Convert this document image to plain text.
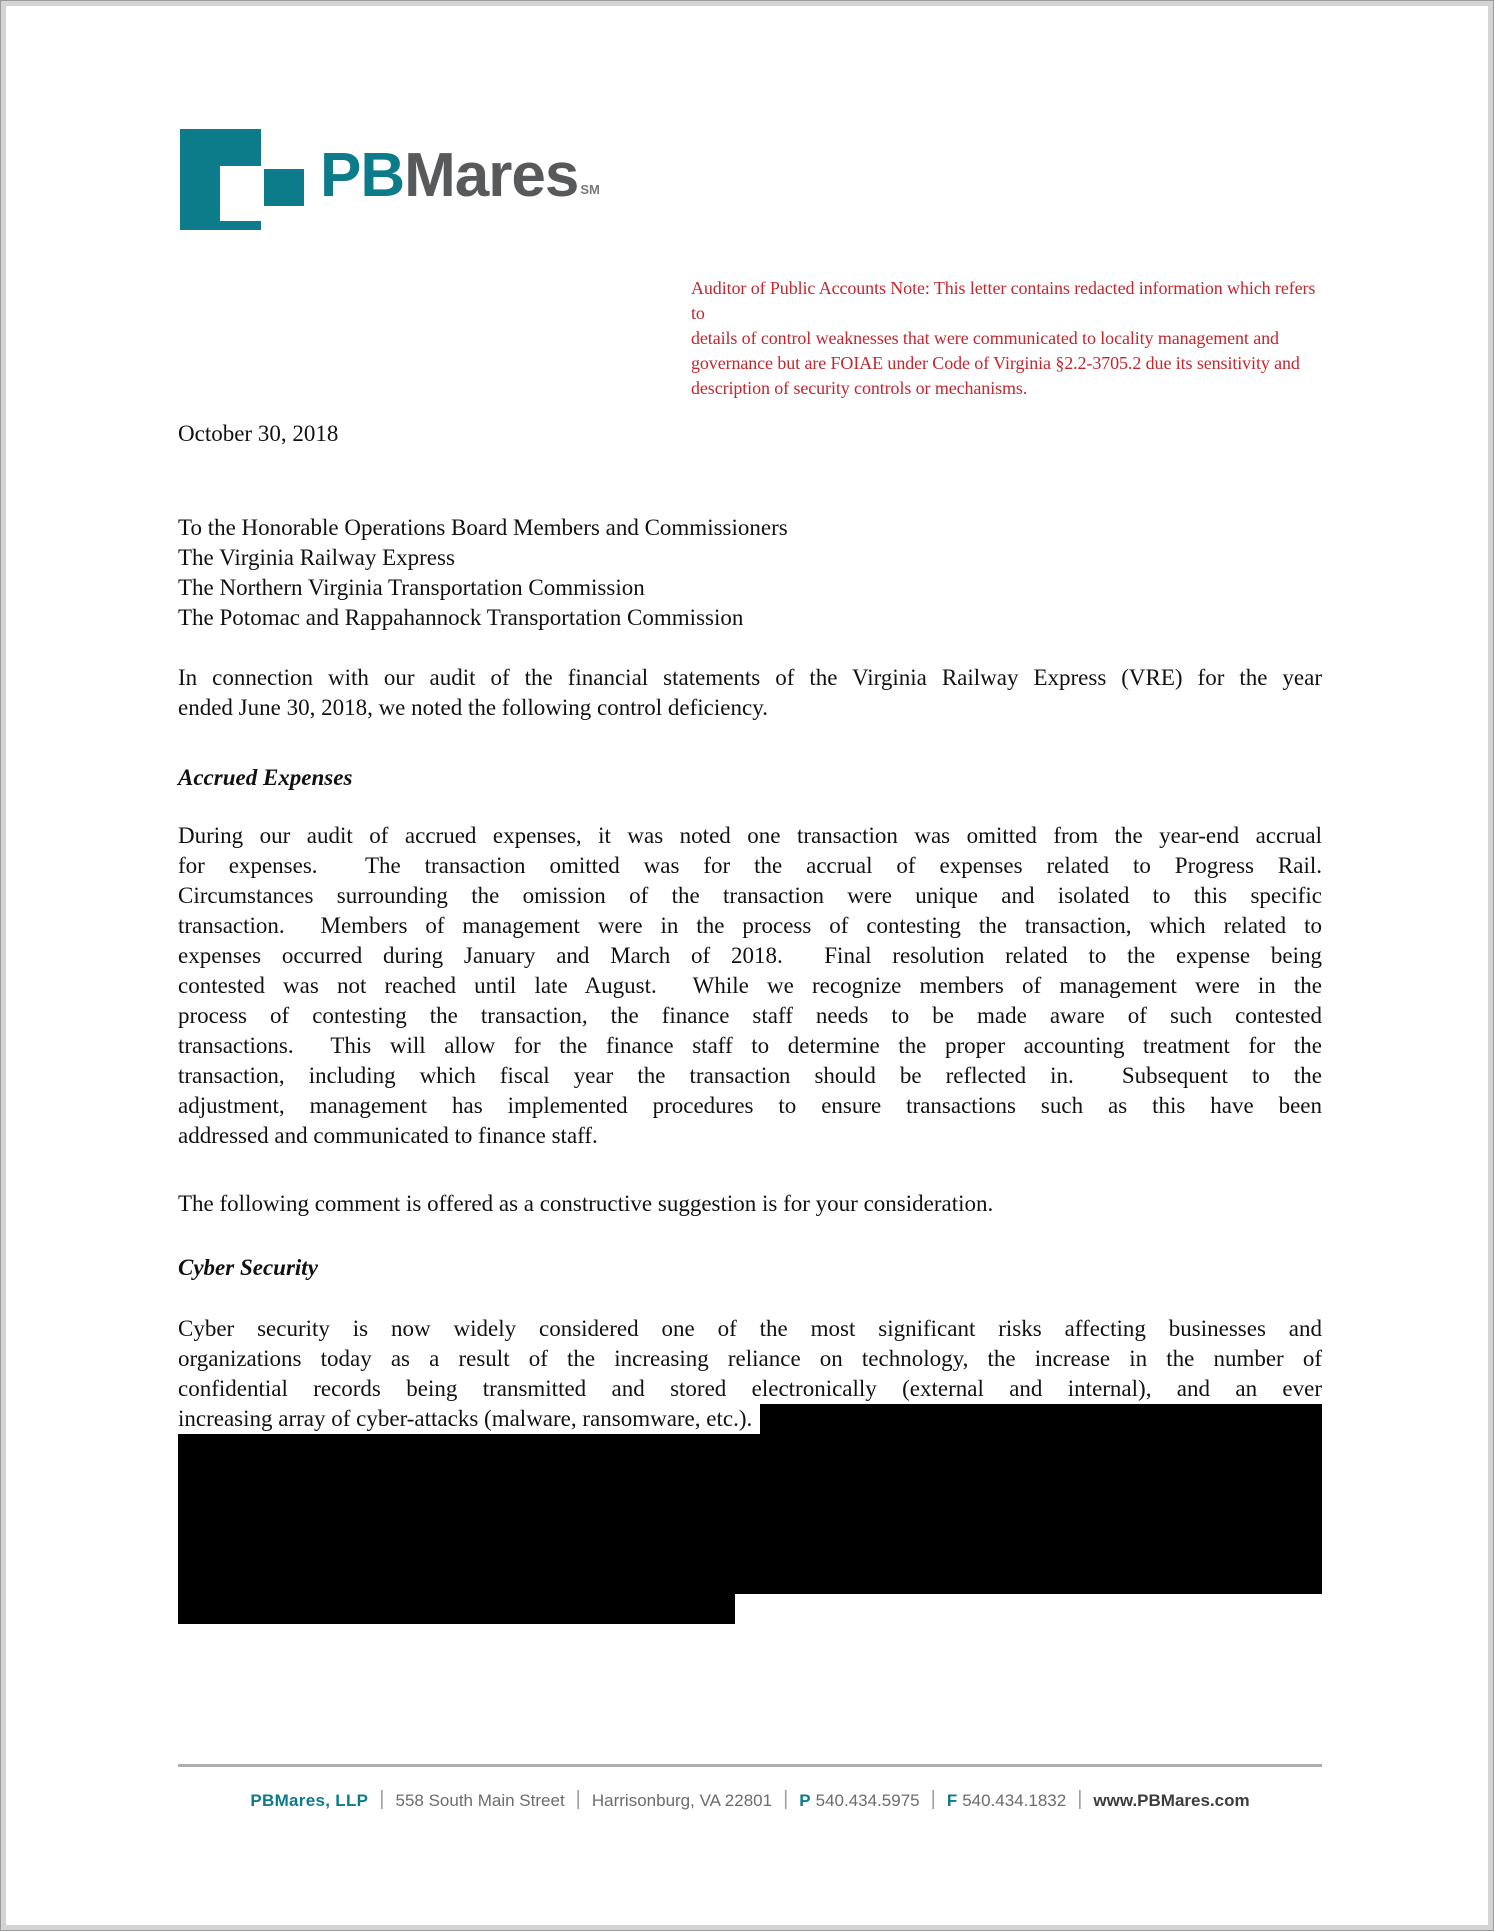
PBMares SM
Auditor of Public Accounts Note: This letter contains redacted information which refers to
details of control weaknesses that were communicated to locality management and
governance but are FOIAE under Code of Virginia §2.2-3705.2 due its sensitivity and
description of security controls or mechanisms.
October 30, 2018
To the Honorable Operations Board Members and Commissioners
The Virginia Railway Express
The Northern Virginia Transportation Commission
The Potomac and Rappahannock Transportation Commission
In connection with our audit of the financial statements of the Virginia Railway Express (VRE) for the year
ended June 30, 2018, we noted the following control deficiency.
Accrued Expenses
During our audit of accrued expenses, it was noted one transaction was omitted from the year-end accrual
for expenses.  The transaction omitted was for the accrual of expenses related to Progress Rail.
Circumstances surrounding the omission of the transaction were unique and isolated to this specific
transaction.  Members of management were in the process of contesting the transaction, which related to
expenses occurred during January and March of 2018.  Final resolution related to the expense being
contested was not reached until late August.  While we recognize members of management were in the
process of contesting the transaction, the finance staff needs to be made aware of such contested
transactions.  This will allow for the finance staff to determine the proper accounting treatment for the
transaction, including which fiscal year the transaction should be reflected in.  Subsequent to the
adjustment, management has implemented procedures to ensure transactions such as this have been
addressed and communicated to finance staff.
The following comment is offered as a constructive suggestion is for your consideration.
Cyber Security
Cyber security is now widely considered one of the most significant risks affecting businesses and
organizations today as a result of the increasing reliance on technology, the increase in the number of
confidential records being transmitted and stored electronically (external and internal), and an ever
increasing array of cyber-attacks (malware, ransomware, etc.).
PBMares, LLP | 558 South Main Street | Harrisonburg, VA 22801 | P 540.434.5975 | F 540.434.1832 | www.PBMares.com
